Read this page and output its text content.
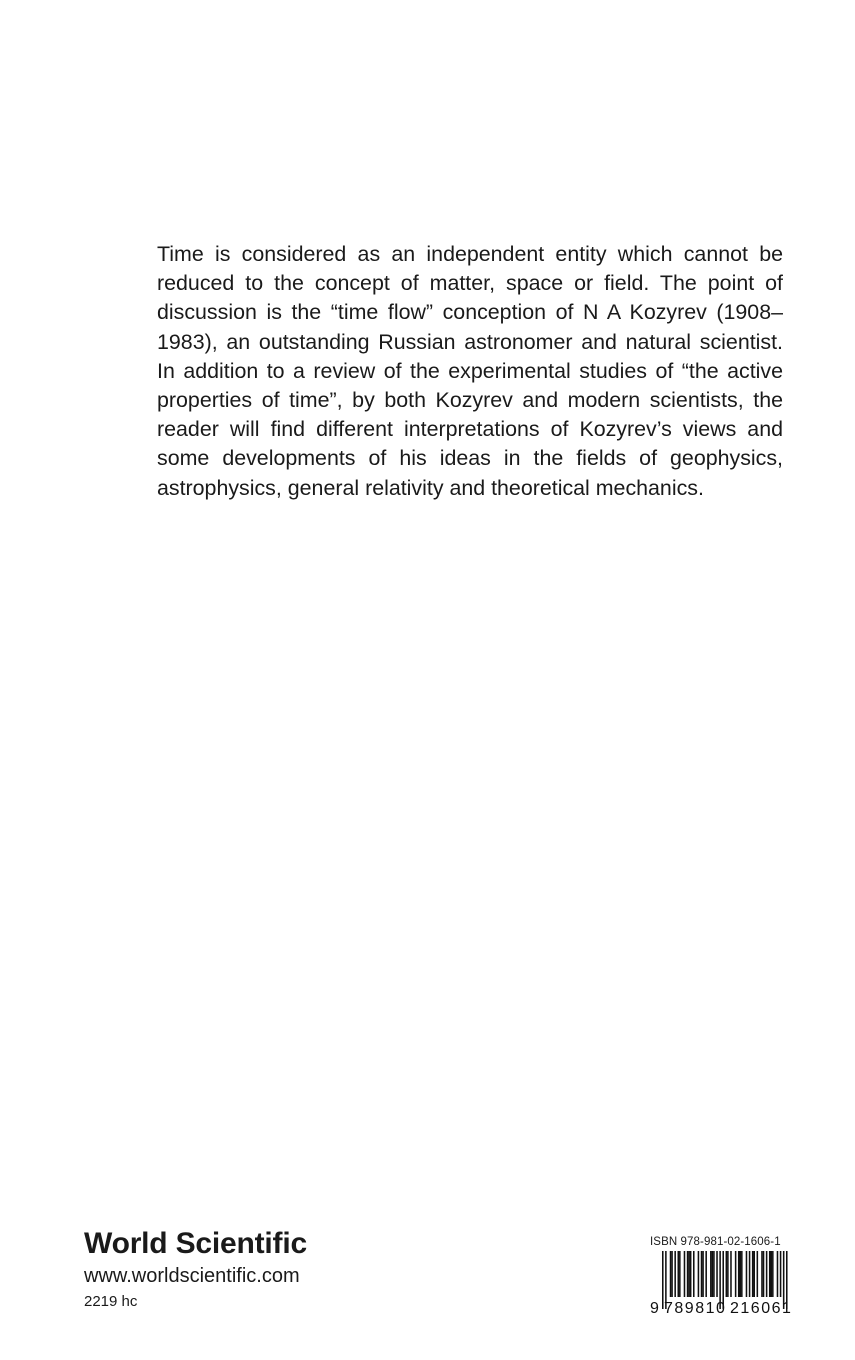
Time is considered as an independent entity which cannot be
reduced to the concept of matter, space or field. The point of
discussion is the “time flow” conception of N A Kozyrev (1908–
1983), an outstanding Russian astronomer and natural scientist.
In addition to a review of the experimental studies of “the active
properties of time”, by both Kozyrev and modern scientists, the
reader will find different interpretations of Kozyrev’s views and
some developments of his ideas in the fields of geophysics,
astrophysics, general relativity and theoretical mechanics.

World Scientific

www.worldscientific.com

2219 hc

ISBN 978-981-02-1606-1

9 789810 216061
